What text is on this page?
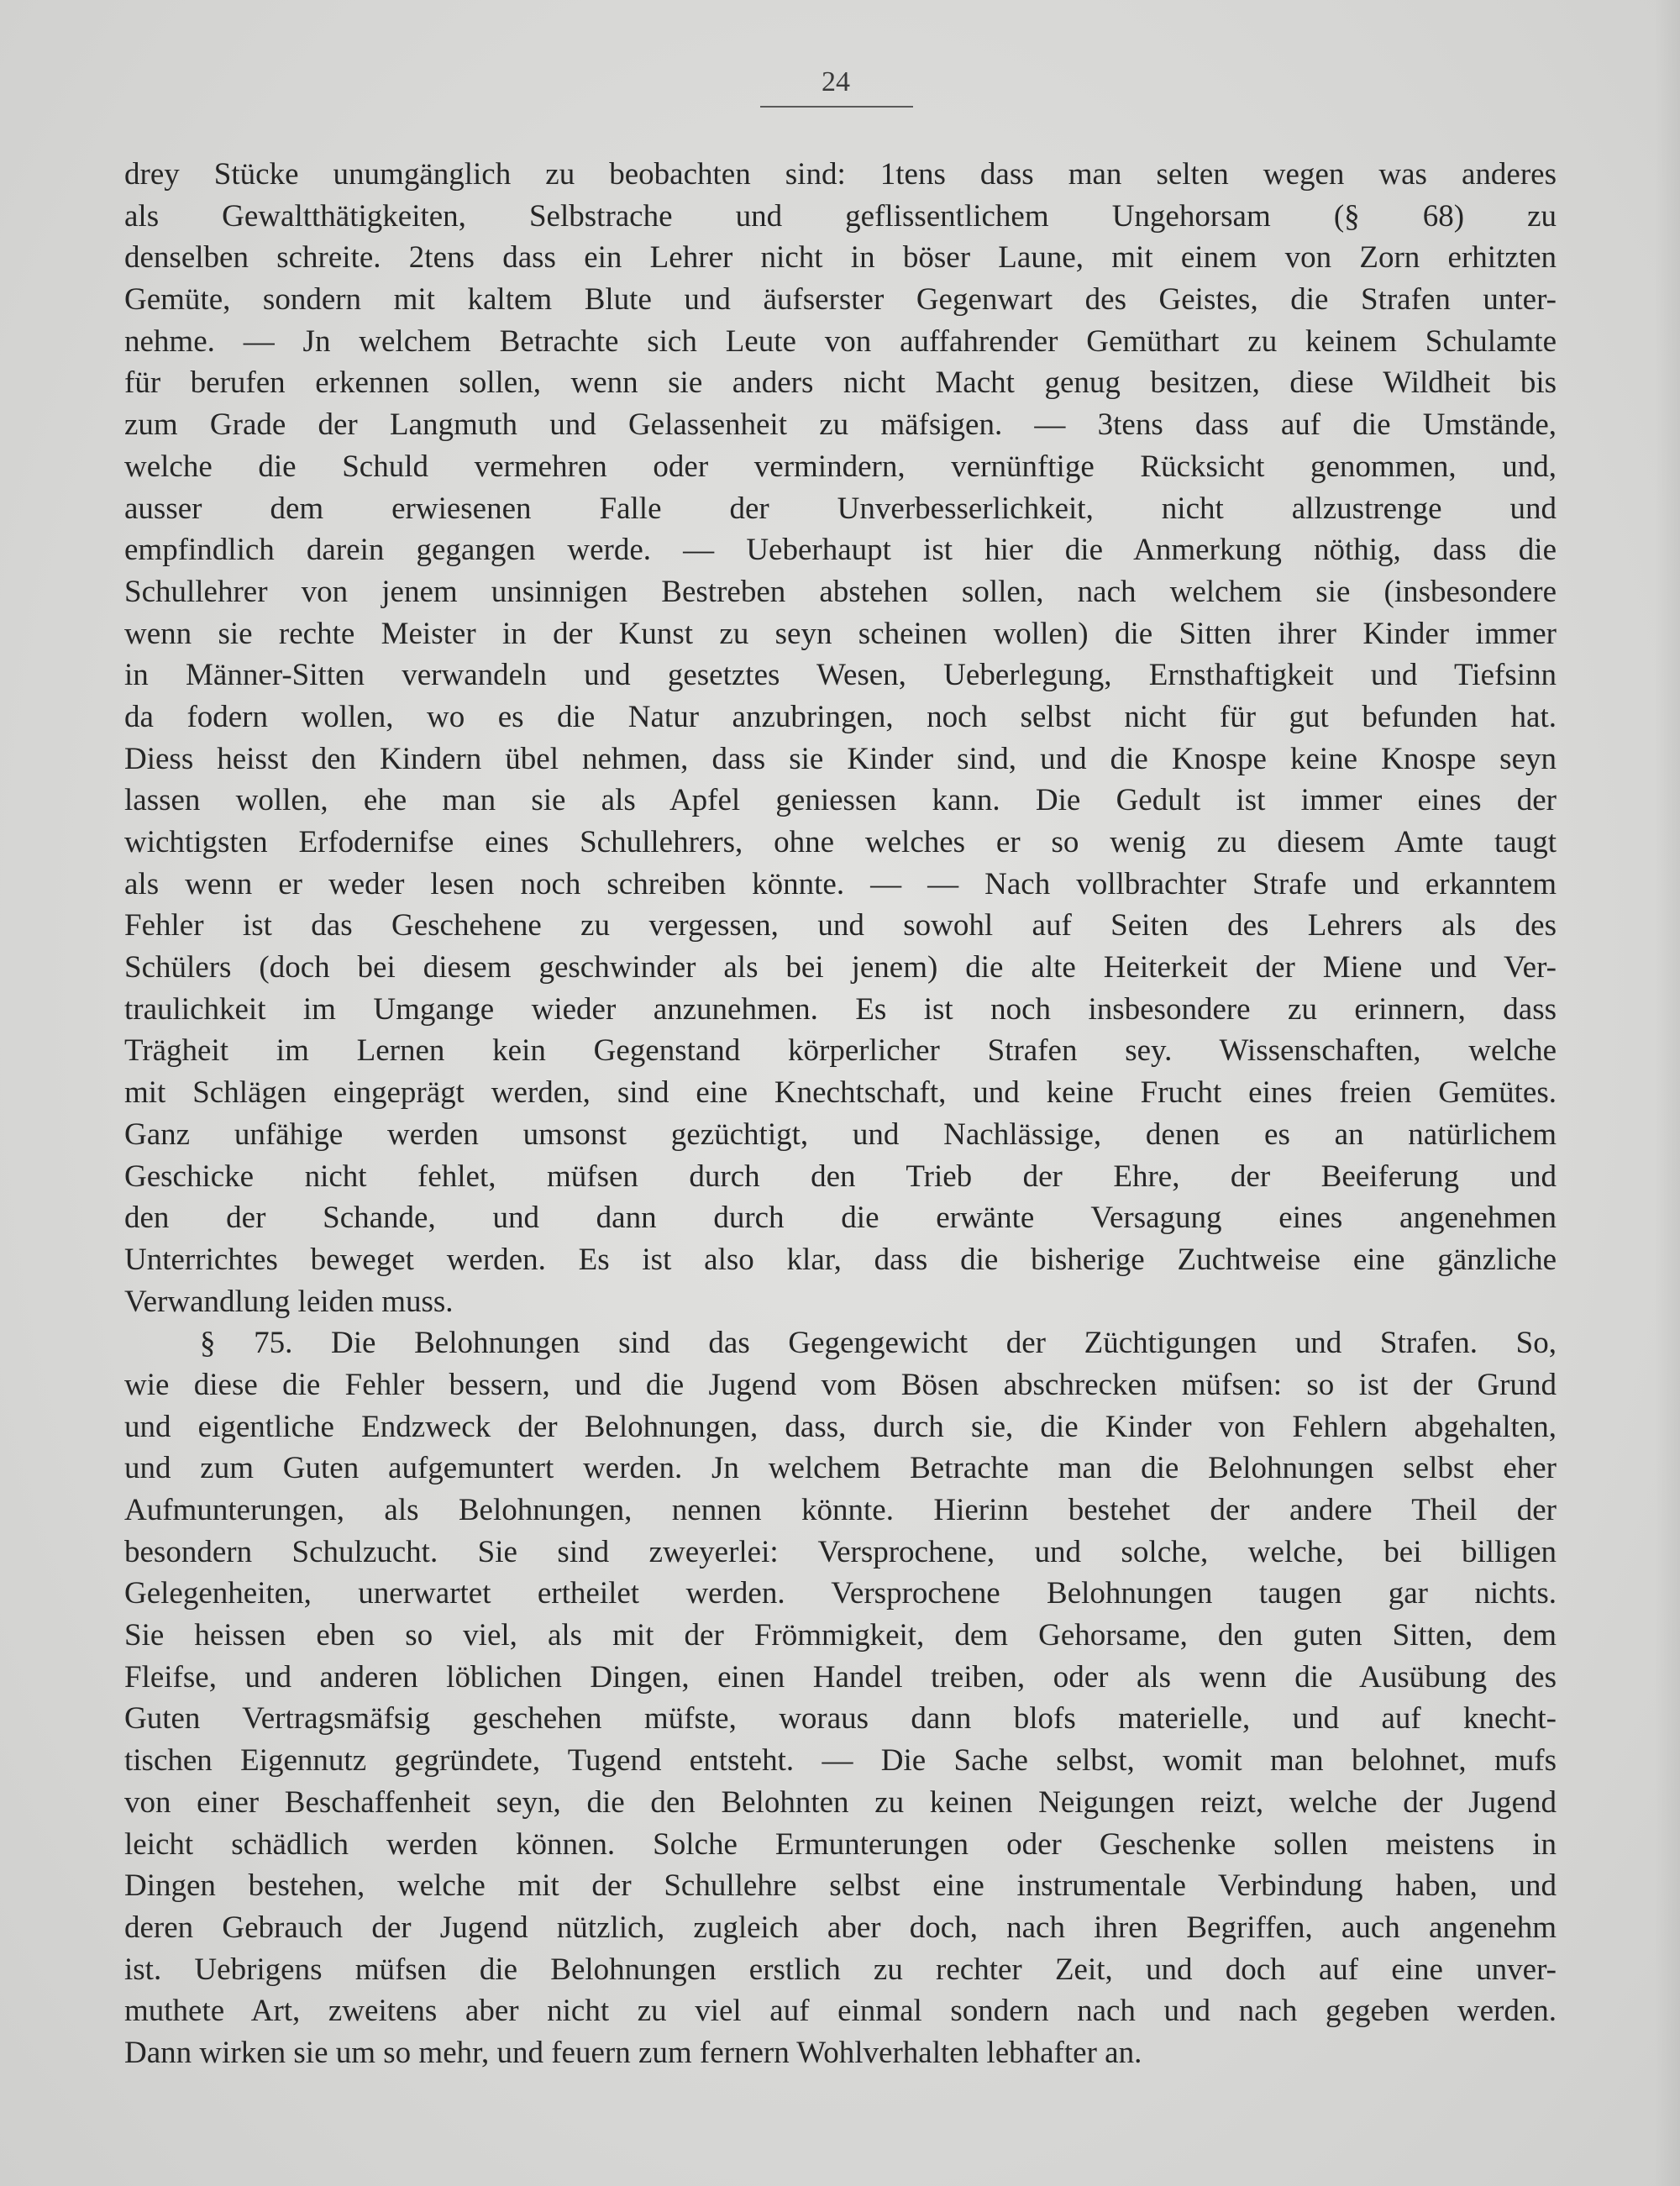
24
drey Stücke unumgänglich zu beobachten sind: 1tens dass man selten wegen was anderes
als Gewaltthätigkeiten, Selbstrache und geflissentlichem Ungehorsam (§ 68) zu
denselben schreite. 2tens dass ein Lehrer nicht in böser Laune, mit einem von Zorn erhitzten
Gemüte, sondern mit kaltem Blute und äufserster Gegenwart des Geistes, die Strafen unter-
nehme. — Jn welchem Betrachte sich Leute von auffahrender Gemüthart zu keinem Schulamte
für berufen erkennen sollen, wenn sie anders nicht Macht genug besitzen, diese Wildheit bis
zum Grade der Langmuth und Gelassenheit zu mäfsigen. — 3tens dass auf die Umstände,
welche die Schuld vermehren oder vermindern, vernünftige Rücksicht genommen, und,
ausser dem erwiesenen Falle der Unverbesserlichkeit, nicht allzustrenge und
empfindlich darein gegangen werde. — Ueberhaupt ist hier die Anmerkung nöthig, dass die
Schullehrer von jenem unsinnigen Bestreben abstehen sollen, nach welchem sie (insbesondere
wenn sie rechte Meister in der Kunst zu seyn scheinen wollen) die Sitten ihrer Kinder immer
in Männer-Sitten verwandeln und gesetztes Wesen, Ueberlegung, Ernsthaftigkeit und Tiefsinn
da fodern wollen, wo es die Natur anzubringen, noch selbst nicht für gut befunden hat.
Diess heisst den Kindern übel nehmen, dass sie Kinder sind, und die Knospe keine Knospe seyn
lassen wollen, ehe man sie als Apfel geniessen kann. Die Gedult ist immer eines der
wichtigsten Erfodernifse eines Schullehrers, ohne welches er so wenig zu diesem Amte taugt
als wenn er weder lesen noch schreiben könnte. — — Nach vollbrachter Strafe und erkanntem
Fehler ist das Geschehene zu vergessen, und sowohl auf Seiten des Lehrers als des
Schülers (doch bei diesem geschwinder als bei jenem) die alte Heiterkeit der Miene und Ver-
traulichkeit im Umgange wieder anzunehmen. Es ist noch insbesondere zu erinnern, dass
Trägheit im Lernen kein Gegenstand körperlicher Strafen sey. Wissenschaften, welche
mit Schlägen eingeprägt werden, sind eine Knechtschaft, und keine Frucht eines freien Gemütes.
Ganz unfähige werden umsonst gezüchtigt, und Nachlässige, denen es an natürlichem
Geschicke nicht fehlet, müfsen durch den Trieb der Ehre, der Beeiferung und
den der Schande, und dann durch die erwänte Versagung eines angenehmen
Unterrichtes beweget werden. Es ist also klar, dass die bisherige Zuchtweise eine gänzliche
Verwandlung leiden muss.
§ 75. Die Belohnungen sind das Gegengewicht der Züchtigungen und Strafen. So,
wie diese die Fehler bessern, und die Jugend vom Bösen abschrecken müfsen: so ist der Grund
und eigentliche Endzweck der Belohnungen, dass, durch sie, die Kinder von Fehlern abgehalten,
und zum Guten aufgemuntert werden. Jn welchem Betrachte man die Belohnungen selbst eher
Aufmunterungen, als Belohnungen, nennen könnte. Hierinn bestehet der andere Theil der
besondern Schulzucht. Sie sind zweyerlei: Versprochene, und solche, welche, bei billigen
Gelegenheiten, unerwartet ertheilet werden. Versprochene Belohnungen taugen gar nichts.
Sie heissen eben so viel, als mit der Frömmigkeit, dem Gehorsame, den guten Sitten, dem
Fleifse, und anderen löblichen Dingen, einen Handel treiben, oder als wenn die Ausübung des
Guten Vertragsmäfsig geschehen müfste, woraus dann blofs materielle, und auf knecht-
tischen Eigennutz gegründete, Tugend entsteht. — Die Sache selbst, womit man belohnet, mufs
von einer Beschaffenheit seyn, die den Belohnten zu keinen Neigungen reizt, welche der Jugend
leicht schädlich werden können. Solche Ermunterungen oder Geschenke sollen meistens in
Dingen bestehen, welche mit der Schullehre selbst eine instrumentale Verbindung haben, und
deren Gebrauch der Jugend nützlich, zugleich aber doch, nach ihren Begriffen, auch angenehm
ist. Uebrigens müfsen die Belohnungen erstlich zu rechter Zeit, und doch auf eine unver-
muthete Art, zweitens aber nicht zu viel auf einmal sondern nach und nach gegeben werden.
Dann wirken sie um so mehr, und feuern zum fernern Wohlverhalten lebhafter an.
